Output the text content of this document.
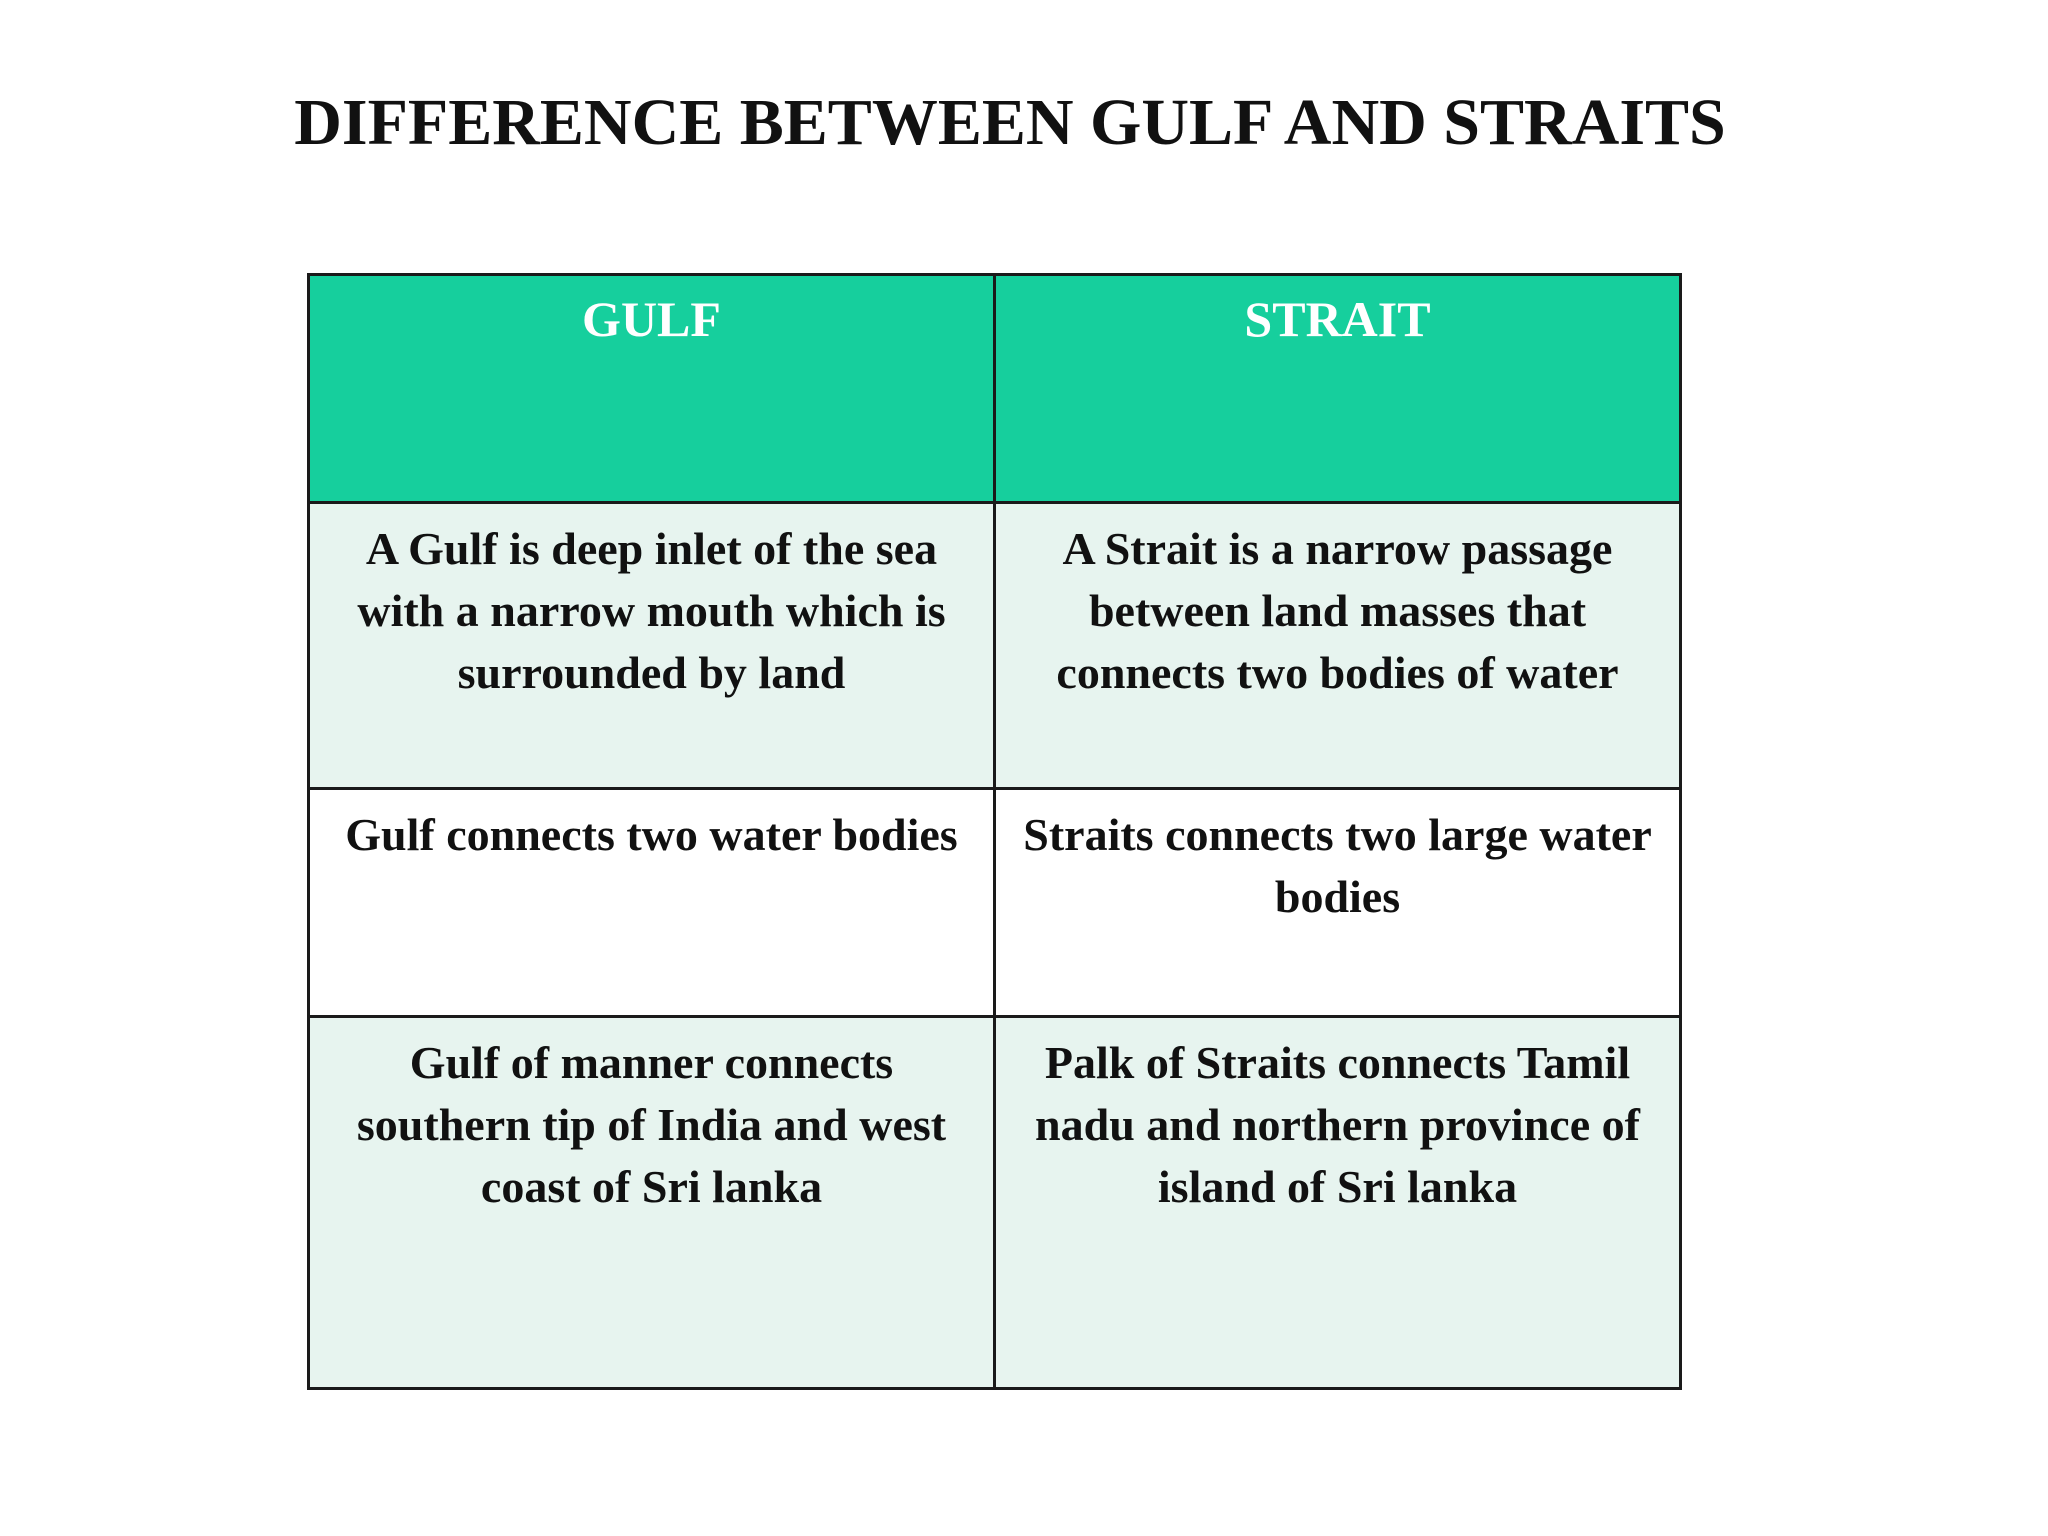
DIFFERENCE BETWEEN GULF AND STRAITS
GULF	STRAIT
A Gulf is deep inlet of the sea with a narrow mouth which is surrounded by land	A Strait is a narrow passage between land masses that connects two bodies of water
Gulf connects two water bodies	Straits connects two large water bodies
Gulf of manner connects southern tip of India and west coast of Sri lanka	Palk of Straits connects Tamil nadu and northern province of island of Sri lanka
